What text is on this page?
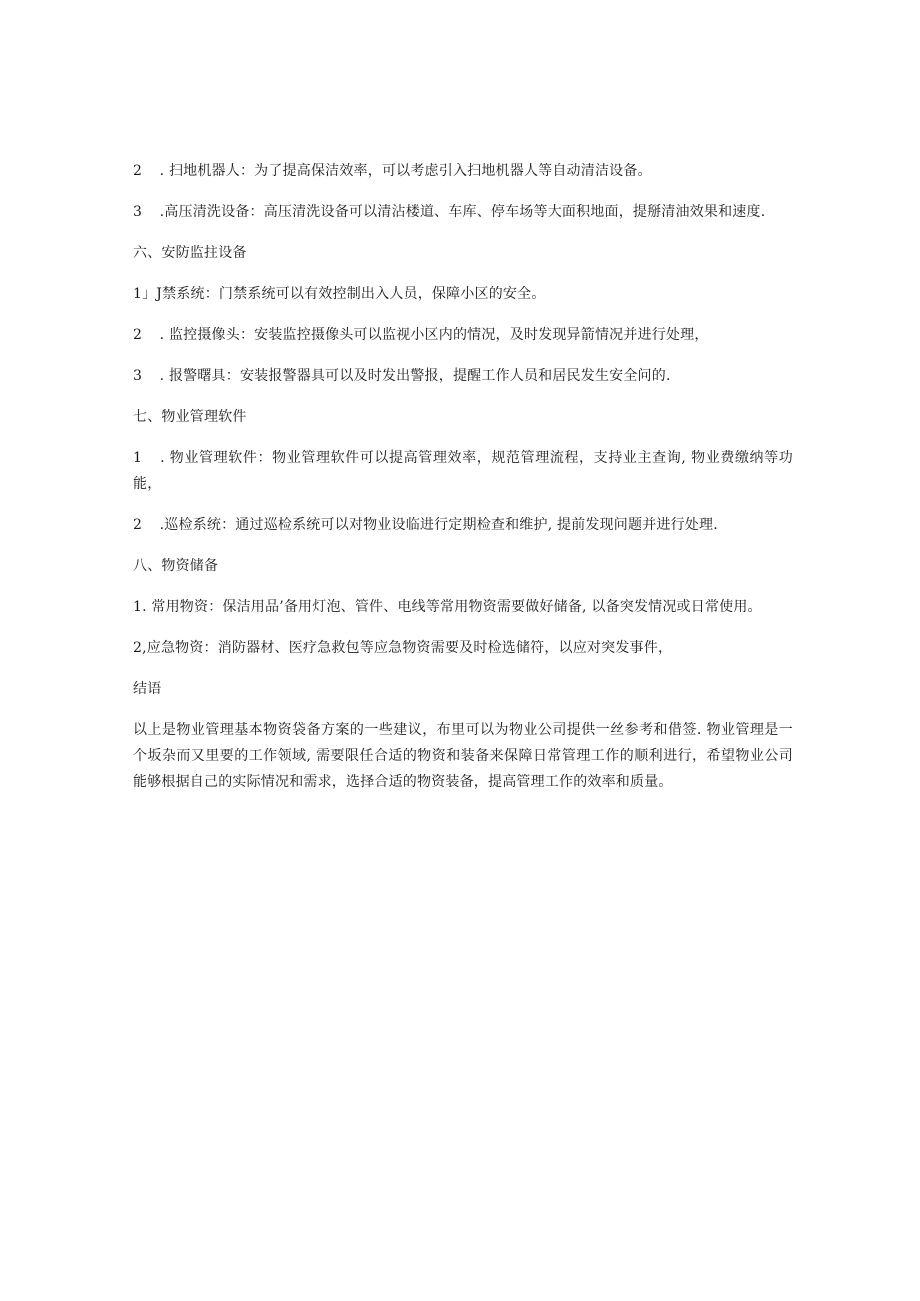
2 . 扫地机器人：为了提高保洁效率，可以考虑引入扫地机器人等自动清洁设备。

3 .高压清洗设备：高压清洗设备可以清沾楼道、车库、停车场等大面积地面，提掰清油效果和速度.

六、安防监拄设备

1」J禁系统：门禁系统可以有效控制出入人员，保障小区的安全。

2 . 监控摄像头：安装监控摄像头可以监视小区内的情况，及时发现异箭情况并进行处理，

3 . 报警曙具：安装报警器具可以及时发出警报，提醒工作人员和居民发生安全问的.

七、物业管理软件

1 . 物业管理软件：物业管理软件可以提高管理效率，规范管理流程，支持业主查询, 物业费缴纳等功能，

2 .巡检系统：通过巡检系统可以对物业设临进行定期检查和维护, 提前发现问题并进行处理.

八、物资储备

1. 常用物资：保洁用品’备用灯泡、管件、电线等常用物资需要做好储备, 以备突发情况或日常使用。

2,应急物资：消防器材、医疗急救包等应急物资需要及时检选储符，以应对突发事件，

结语

以上是物业管理基本物资袋备方案的一些建议，布里可以为物业公司提供一丝参考和借签. 物业管理是一个坂杂而又里要的工作领域, 需要限任合适的物资和装备来保障日常管理工作的顺利进行，希望物业公司能够根据自己的实际情况和需求，选择合适的物资装备，提高管理工作的效率和质量。
